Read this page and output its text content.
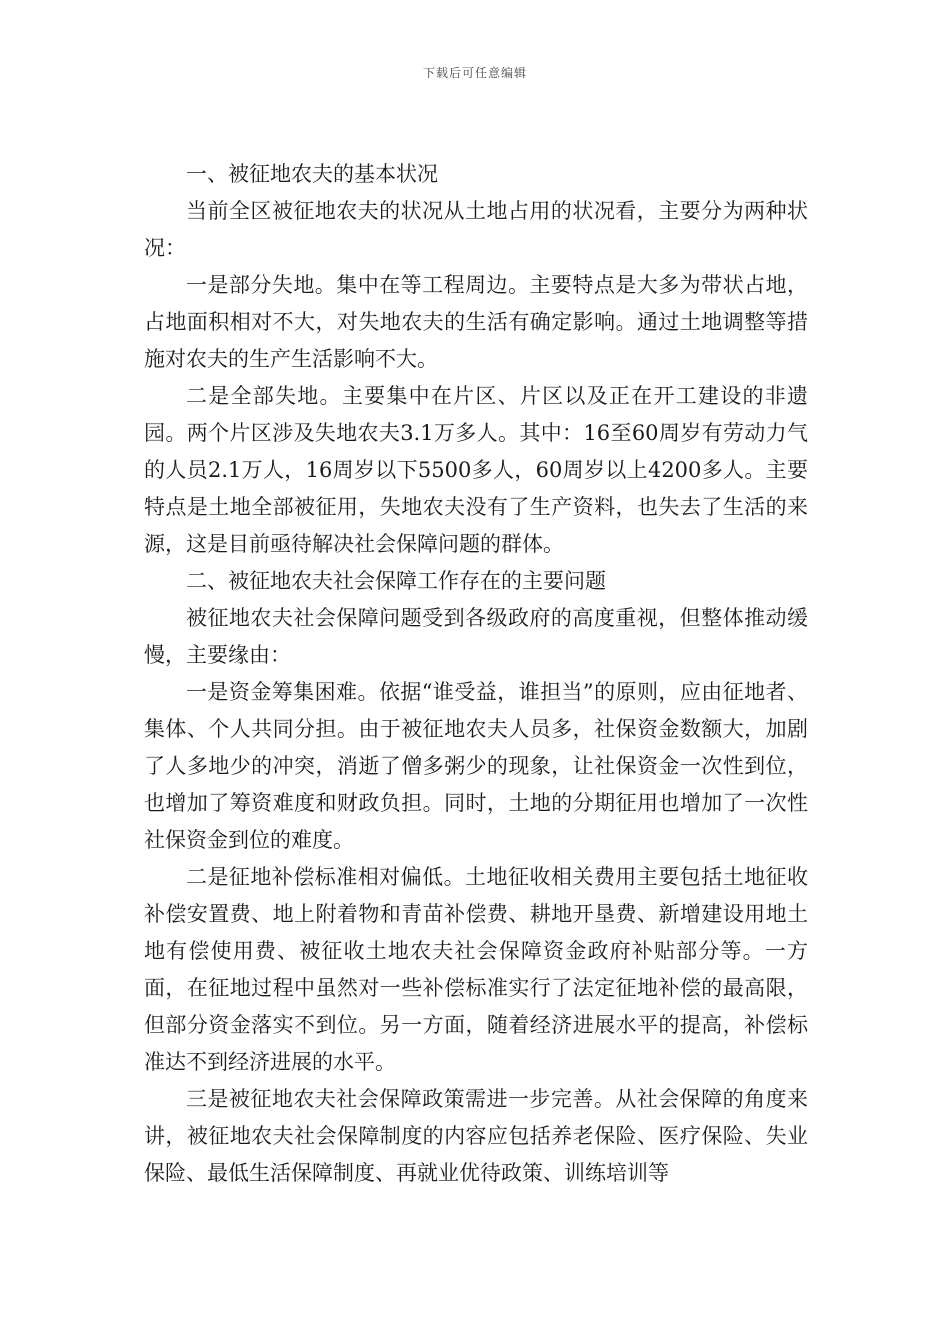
下载后可任意编辑

一、被征地农夫的基本状况

当前全区被征地农夫的状况从土地占用的状况看，主要分为两种状况：

一是部分失地。集中在等工程周边。主要特点是大多为带状占地，占地面积相对不大，对失地农夫的生活有确定影响。通过土地调整等措施对农夫的生产生活影响不大。

二是全部失地。主要集中在片区、片区以及正在开工建设的非遗园。两个片区涉及失地农夫3.1万多人。其中：16至60周岁有劳动力气的人员2.1万人，16周岁以下5500多人，60周岁以上4200多人。主要特点是土地全部被征用，失地农夫没有了生产资料，也失去了生活的来源，这是目前亟待解决社会保障问题的群体。

二、被征地农夫社会保障工作存在的主要问题

被征地农夫社会保障问题受到各级政府的高度重视，但整体推动缓慢，主要缘由：

一是资金筹集困难。依据“谁受益，谁担当”的原则，应由征地者、集体、个人共同分担。由于被征地农夫人员多，社保资金数额大，加剧了人多地少的冲突，消逝了僧多粥少的现象，让社保资金一次性到位，也增加了筹资难度和财政负担。同时，土地的分期征用也增加了一次性社保资金到位的难度。

二是征地补偿标准相对偏低。土地征收相关费用主要包括土地征收补偿安置费、地上附着物和青苗补偿费、耕地开垦费、新增建设用地土地有偿使用费、被征收土地农夫社会保障资金政府补贴部分等。一方面，在征地过程中虽然对一些补偿标准实行了法定征地补偿的最高限，但部分资金落实不到位。另一方面，随着经济进展水平的提高，补偿标准达不到经济进展的水平。

三是被征地农夫社会保障政策需进一步完善。从社会保障的角度来讲，被征地农夫社会保障制度的内容应包括养老保险、医疗保险、失业保险、最低生活保障制度、再就业优待政策、训练培训等
